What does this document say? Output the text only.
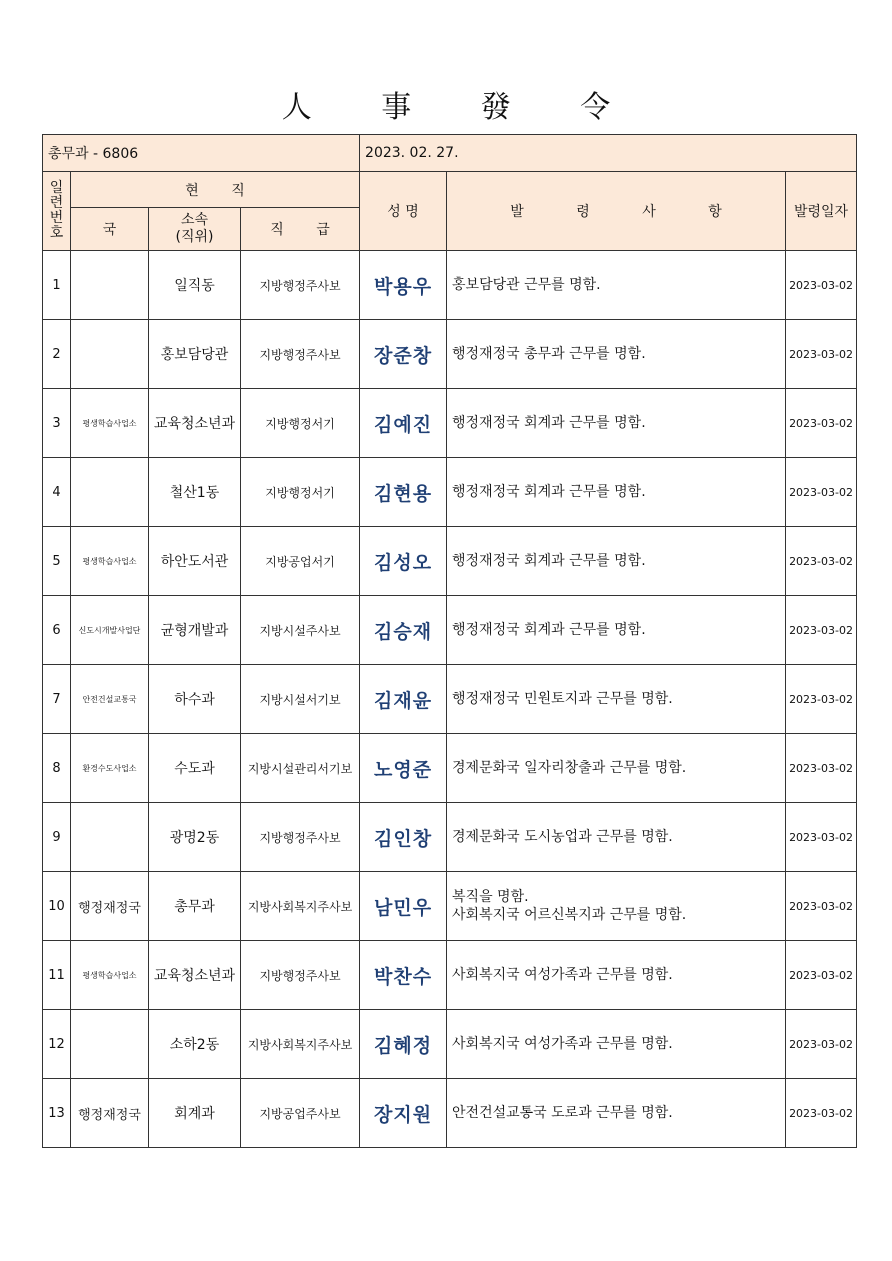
人 事 發 令
총무과 - 6806				2023. 02. 27.		
일련번호	현 직			성 명	발 령 사 항	발령일자
	국	소속
(직위)	직 급			
1		일직동	지방행정주사보	박용우	홍보담당관 근무를 명함.	2023-03-02
2		홍보담당관	지방행정주사보	장준창	행정재정국 총무과 근무를 명함.	2023-03-02
3	평생학습사업소	교육청소년과	지방행정서기	김예진	행정재정국 회계과 근무를 명함.	2023-03-02
4		철산1동	지방행정서기	김현용	행정재정국 회계과 근무를 명함.	2023-03-02
5	평생학습사업소	하안도서관	지방공업서기	김성오	행정재정국 회계과 근무를 명함.	2023-03-02
6	신도시개발사업단	균형개발과	지방시설주사보	김승재	행정재정국 회계과 근무를 명함.	2023-03-02
7	안전건설교통국	하수과	지방시설서기보	김재윤	행정재정국 민원토지과 근무를 명함.	2023-03-02
8	환경수도사업소	수도과	지방시설관리서기보	노영준	경제문화국 일자리창출과 근무를 명함.	2023-03-02
9		광명2동	지방행정주사보	김인창	경제문화국 도시농업과 근무를 명함.	2023-03-02
10	행정재정국	총무과	지방사회복지주사보	남민우	복직을 명함.
사회복지국 어르신복지과 근무를 명함.	2023-03-02
11	평생학습사업소	교육청소년과	지방행정주사보	박찬수	사회복지국 여성가족과 근무를 명함.	2023-03-02
12		소하2동	지방사회복지주사보	김혜정	사회복지국 여성가족과 근무를 명함.	2023-03-02
13	행정재정국	회계과	지방공업주사보	장지원	안전건설교통국 도로과 근무를 명함.	2023-03-02
